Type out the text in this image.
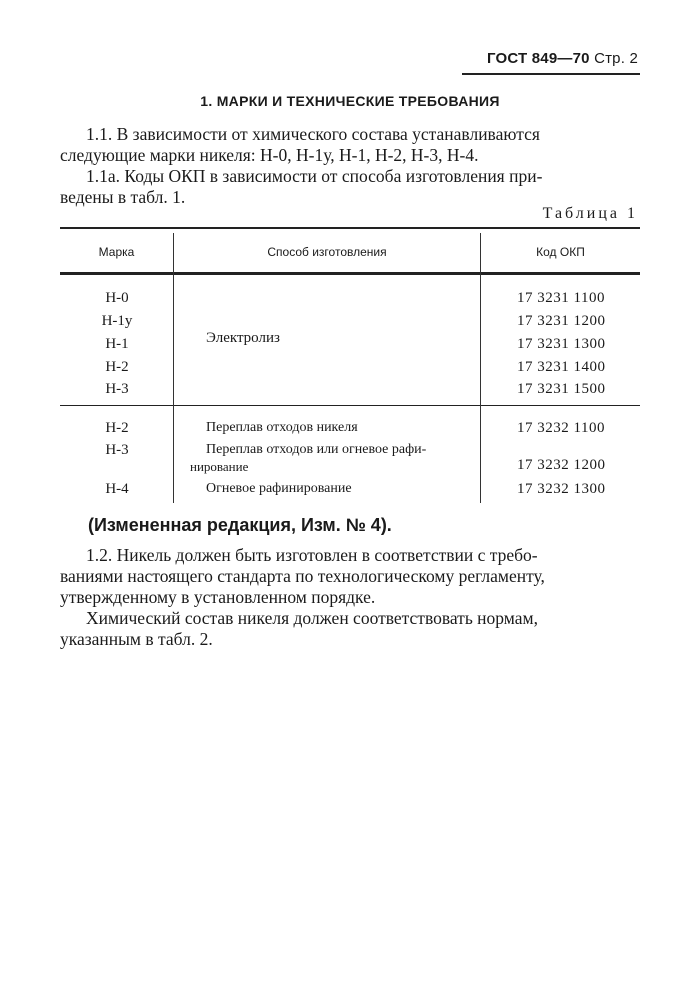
ГОСТ 849—70 Стр. 2
1. МАРКИ И ТЕХНИЧЕСКИЕ ТРЕБОВАНИЯ
1.1. В зависимости от химического состава устанавливаются
следующие марки никеля: Н-0, Н-1у, Н-1, Н-2, Н-3, Н-4.
1.1а. Коды ОКП в зависимости от способа изготовления при-
ведены в табл. 1.
Таблица 1
Марка	Способ изготовления	Код ОКП
Н-0	17 3231 1100
Н-1у	17 3231 1200
Н-1	Электролиз	17 3231 1300
Н-2	17 3231 1400
Н-3	17 3231 1500
Н-2	Переплав отходов никеля	17 3232 1100
Н-3	Переплав отходов или огневое рафи-
нирование	17 3232 1200
Н-4	Огневое рафинирование	17 3232 1300
(Измененная редакция, Изм. № 4).
1.2. Никель должен быть изготовлен в соответствии с требо-
ваниями настоящего стандарта по технологическому регламенту,
утвержденному в установленном порядке.
Химический состав никеля должен соответствовать нормам,
указанным в табл. 2.
